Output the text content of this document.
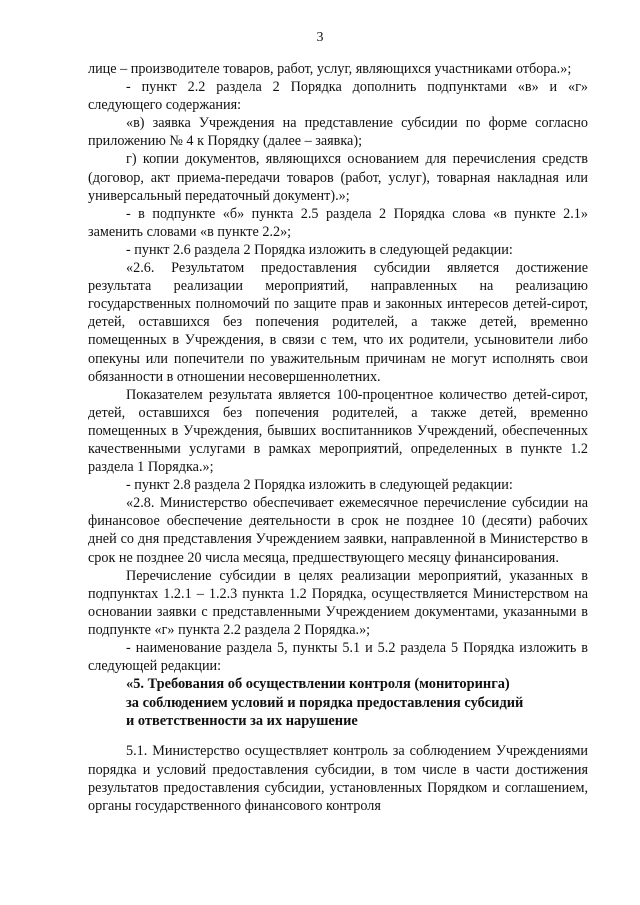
3

лице – производителе товаров, работ, услуг, являющихся участниками отбора.»;

- пункт 2.2 раздела 2 Порядка дополнить подпунктами «в» и «г» следующего содержания:

«в) заявка Учреждения на представление субсидии по форме согласно приложению № 4 к Порядку (далее – заявка);

г) копии документов, являющихся основанием для перечисления средств (договор, акт приема-передачи товаров (работ, услуг), товарная накладная или универсальный передаточный документ).»;

- в подпункте «б» пункта 2.5 раздела 2 Порядка слова «в пункте 2.1» заменить словами «в пункте 2.2»;

- пункт 2.6 раздела 2 Порядка изложить в следующей редакции:

«2.6. Результатом предоставления субсидии является достижение результата реализации мероприятий, направленных на реализацию государственных полномочий по защите прав и законных интересов детей-сирот, детей, оставшихся без попечения родителей, а также детей, временно помещенных в Учреждения, в связи с тем, что их родители, усыновители либо опекуны или попечители по уважительным причинам не могут исполнять свои обязанности в отношении несовершеннолетних.

Показателем результата является 100-процентное количество детей-сирот, детей, оставшихся без попечения родителей, а также детей, временно помещенных в Учреждения, бывших воспитанников Учреждений, обеспеченных качественными услугами в рамках мероприятий, определенных в пункте 1.2 раздела 1 Порядка.»;

- пункт 2.8 раздела 2 Порядка изложить в следующей редакции:

«2.8. Министерство обеспечивает ежемесячное перечисление субсидии на финансовое обеспечение деятельности в срок не позднее 10 (десяти) рабочих дней со дня представления Учреждением заявки, направленной в Министерство в срок не позднее 20 числа месяца, предшествующего месяцу финансирования.

Перечисление субсидии в целях реализации мероприятий, указанных в подпунктах 1.2.1 – 1.2.3 пункта 1.2 Порядка, осуществляется Министерством на основании заявки с представленными Учреждением документами, указанными в подпункте «г» пункта 2.2 раздела 2 Порядка.»;

- наименование раздела 5, пункты 5.1 и 5.2 раздела 5 Порядка изложить в следующей редакции:

«5. Требования об осуществлении контроля (мониторинга)

за соблюдением условий и порядка предоставления субсидий

и ответственности за их нарушение

5.1. Министерство осуществляет контроль за соблюдением Учреждениями порядка и условий предоставления субсидии, в том числе в части достижения результатов предоставления субсидии, установленных Порядком и соглашением, органы государственного финансового контроля
